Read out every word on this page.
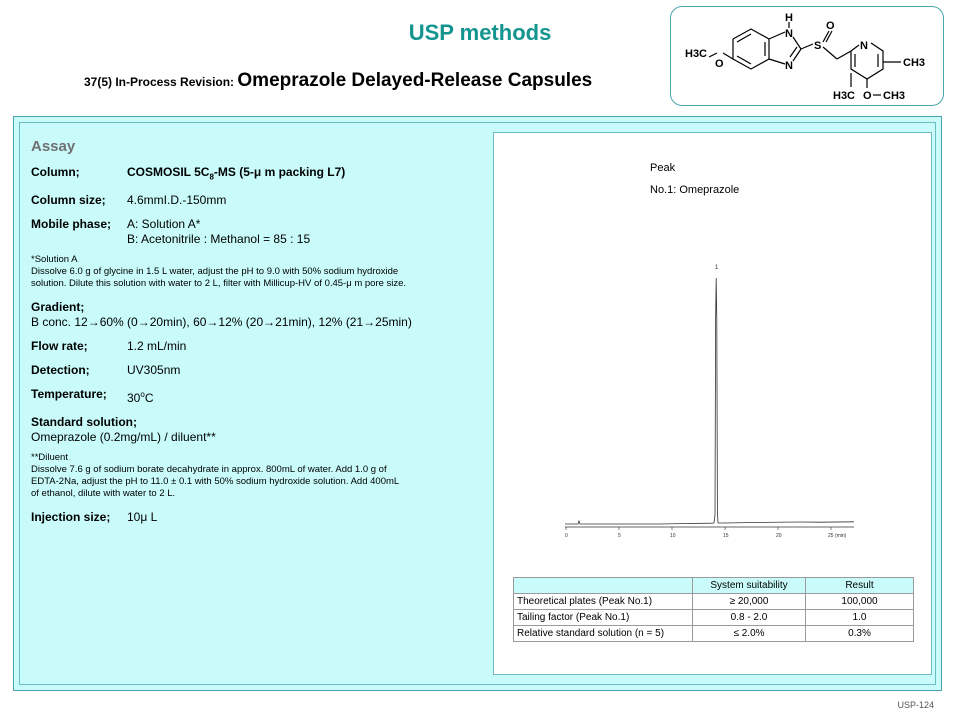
USP methods
37(5) In-Process Revision: Omeprazole Delayed-Release Capsules
H
N
N
S
O
N
H3C
O	CH3
H3C O CH3
Assay
Column;	COSMOSIL $5C_8-MS$ (5-μ m packing L7)
Column size;	4.6mmI.D.-150mm
Mobile phase;	A: Solution A*
B: Acetonitrile : Methanol = 85 : 15
*Solution A
Dissolve 6.0 g of glycine in 1.5 L water, adjust the pH to 9.0 with 50% sodium hydroxide
solution. Dilute this solution with water to 2 L, filter with Millicup-HV of 0.45-μ m pore size.
Gradient;
B conc. 12→60% (0→20min), 60→12% (20→21min), 12% (21→25min)
Flow rate;	1.2 mL/min
Detection;	UV305nm
Temperature;	30$^o$C
Standard solution;
Omeprazole (0.2mg/mL) / diluent**
**Diluent
Dissolve 7.6 g of sodium borate decahydrate in approx. 800mL of water. Add 1.0 g of
EDTA-2Na, adjust the pH to 11.0 ± 0.1 with 50% sodium hydroxide solution. Add 400mL
of ethanol, dilute with water to 2 L.
Injection size;	10μ L
Peak
No.1: Omeprazole
1
0	5	10	15	20	25 (min)
	System suitability	Result
Theoretical plates (Peak No.1)	≥ 20,000	100,000
Tailing factor (Peak No.1)	0.8 - 2.0	1.0
Relative standard solution (n = 5)	≤ 2.0%	0.3%
USP-124
